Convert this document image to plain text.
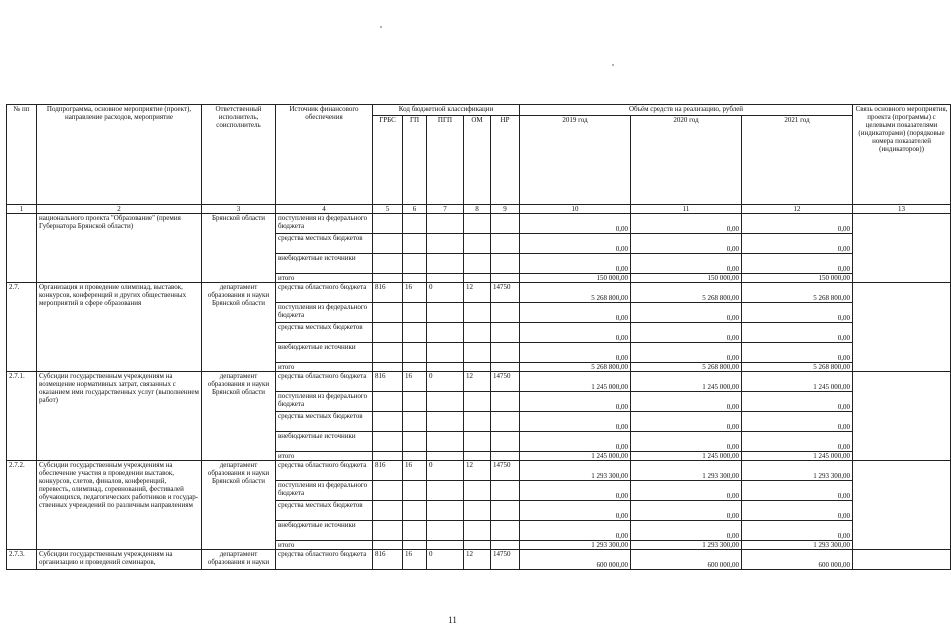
№ пп	Подпрограмма, основное мероприятие (проект), направление расходов, мероприятие	Ответственный исполнитель, соисполнитель	Источник финансового обеспечения	Код бюджетной классификации					Объём средств на реализацию, рублей			Связь основного мероприятия, проекта (программы) с целевыми показателями (индикаторами) (порядковые номера показателей (индикаторов))
				ГРБС	ГП	ПГП	ОМ	НР	2019 год	2020 год	2021 год	
1	2	3	4	5	6	7	8	9	10	11	12	13
	национального проекта "Образование" (премия Губернатора Брянской области)	Брянской области	поступления из федерального бюджета						0,00	0,00	0,00	
			средства местных бюджетов						0,00	0,00	0,00	
			внебюджетные источники						0,00	0,00	0,00	
			итого						150 000,00	150 000,00	150 000,00	
2.7.	Организация и проведение олимпиад, выставок, конкурсов, конференций и других общественных мероприятий в сфере образования	департамент образования и науки Брянской области	средства областного бюджета	816	16	0	12	14750	5 268 800,00	5 268 800,00	5 268 800,00	
			поступления из федерального бюджета						0,00	0,00	0,00	
			средства местных бюджетов						0,00	0,00	0,00	
			внебюджетные источники						0,00	0,00	0,00	
			итого						5 268 800,00	5 268 800,00	5 268 800,00	
2.7.1.	Субсидии государственным учреждениям на возмещение нормативных затрат, связанных с оказанием ими государственных услуг (выполнением работ)	департамент образования и науки Брянской области	средства областного бюджета	816	16	0	12	14750	1 245 000,00	1 245 000,00	1 245 000,00	
			поступления из федерального бюджета						0,00	0,00	0,00	
			средства местных бюджетов						0,00	0,00	0,00	
			внебюджетные источники						0,00	0,00	0,00	
			итого						1 245 000,00	1 245 000,00	1 245 000,00	
2.7.2.	Субсидии государственным учреждениям на обеспечение участия в проведении выставок, конкурсов, слетов, финалов, конференций, перевесть, олимпиад, соревнований, фестивалей обучающихся, педагогических работников и государ-ственных учреждений по различным направлениям	департамент образования и науки Брянской области	средства областного бюджета	816	16	0	12	14750	1 293 300,00	1 293 300,00	1 293 300,00	
			поступления из федерального бюджета						0,00	0,00	0,00	
			средства местных бюджетов						0,00	0,00	0,00	
			внебюджетные источники						0,00	0,00	0,00	
			итого						1 293 300,00	1 293 300,00	1 293 300,00	
2.7.3.	Субсидии государственным учреждениям на организацию и проведений семинаров,	департамент образования и науки	средства областного бюджета	816	16	0	12	14750	600 000,00	600 000,00	600 000,00	
11
